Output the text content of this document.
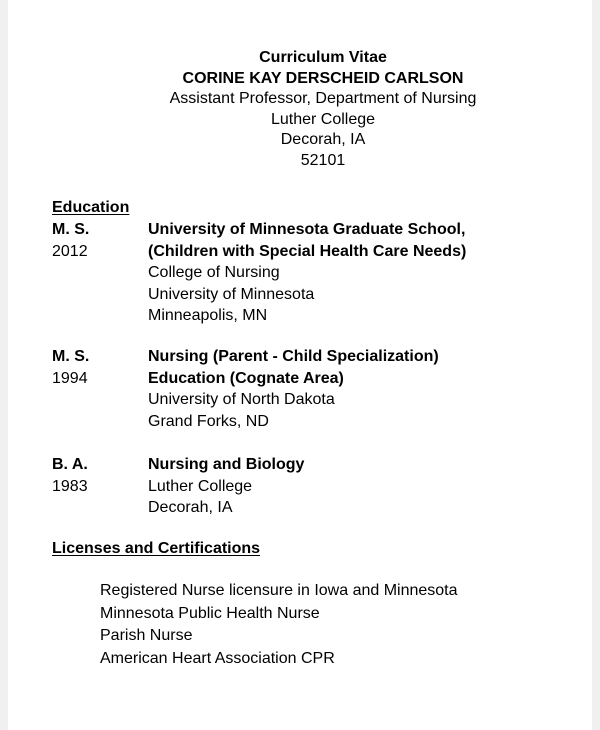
Curriculum Vitae
CORINE KAY DERSCHEID CARLSON
Assistant Professor, Department of Nursing
Luther College
Decorah, IA
52101
Education
M. S.
2012
University of Minnesota Graduate School,
(Children with Special Health Care Needs)
College of Nursing
University of Minnesota
Minneapolis, MN
M. S.
1994
Nursing (Parent - Child Specialization)
Education (Cognate Area)
University of North Dakota
Grand Forks, ND
B. A.
1983
Nursing and Biology
Luther College
Decorah, IA
Licenses and Certifications
Registered Nurse licensure in Iowa and Minnesota
Minnesota Public Health Nurse
Parish Nurse
American Heart Association CPR
